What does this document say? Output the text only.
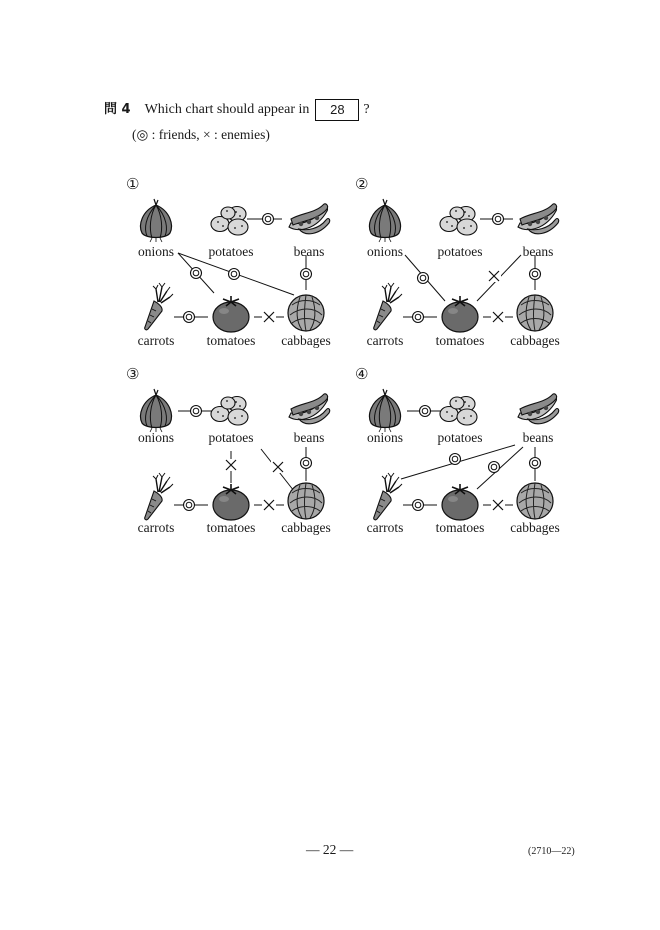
問 4 Which chart should appear in 28 ?
(◎ : friends, × : enemies)
①
onions	potatoes	beans
carrots tomatoes cabbages
②
onions	potatoes	beans
carrots tomatoes cabbages
③
onions	potatoes	beans
carrots tomatoes cabbages
④
onions	potatoes	beans
carrots tomatoes cabbages
— 22 —	(2710—22)
